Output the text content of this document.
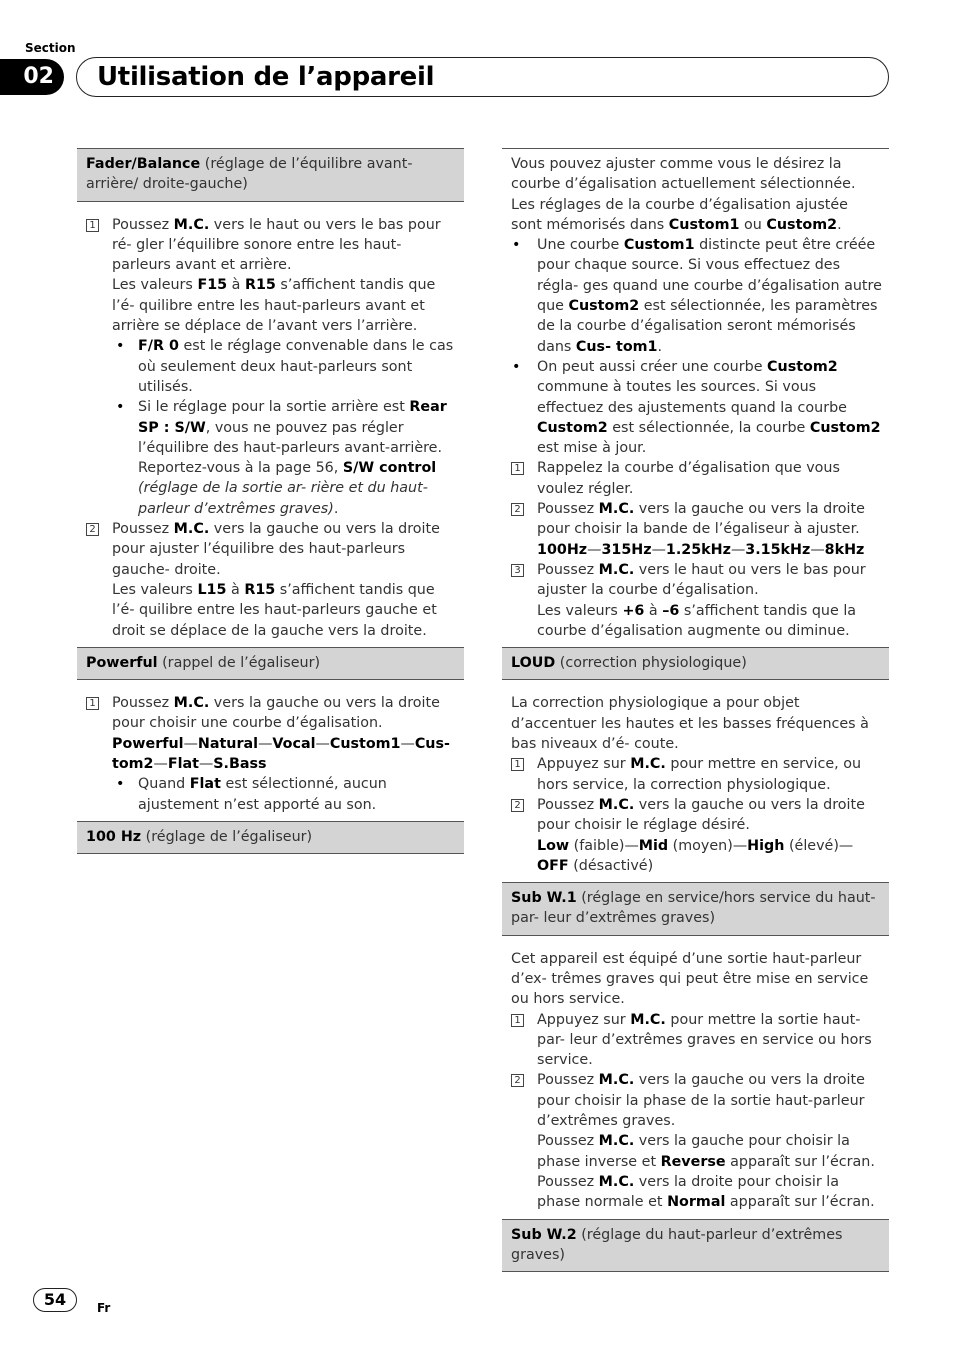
Section
02	Utilisation de l’appareil
Fader/Balance (réglage de l’équilibre avant-arrière/ droite-gauche)
1 Poussez M.C. vers le haut ou vers le bas pour ré- gler l’équilibre sonore entre les haut-parleurs avant et arrière.
Les valeurs F15 à R15 s’affichent tandis que l’é- quilibre entre les haut-parleurs avant et arrière se déplace de l’avant vers l’arrière.
• F/R 0 est le réglage convenable dans le cas où seulement deux haut-parleurs sont utilisés.
• Si le réglage pour la sortie arrière est Rear SP : S/W, vous ne pouvez pas régler l’équilibre des haut-parleurs avant-arrière. Reportez-vous à la page 56, S/W control (réglage de la sortie ar- rière et du haut-parleur d’extrêmes graves).
2 Poussez M.C. vers la gauche ou vers la droite pour ajuster l’équilibre des haut-parleurs gauche- droite.
Les valeurs L15 à R15 s’affichent tandis que l’é- quilibre entre les haut-parleurs gauche et droit se déplace de la gauche vers la droite.
Powerful (rappel de l’égaliseur)
1 Poussez M.C. vers la gauche ou vers la droite pour choisir une courbe d’égalisation.
Powerful—Natural—Vocal—Custom1—Cus- tom2—Flat—S.Bass
• Quand Flat est sélectionné, aucun ajustement n’est apporté au son.
100 Hz (réglage de l’égaliseur)
Vous pouvez ajuster comme vous le désirez la courbe d’égalisation actuellement sélectionnée. Les réglages de la courbe d’égalisation ajustée sont mémorisés dans Custom1 ou Custom2.
• Une courbe Custom1 distincte peut être créée pour chaque source. Si vous effectuez des régla- ges quand une courbe d’égalisation autre que Custom2 est sélectionnée, les paramètres de la courbe d’égalisation seront mémorisés dans Cus- tom1.
• On peut aussi créer une courbe Custom2 commune à toutes les sources. Si vous effectuez des ajustements quand la courbe Custom2 est sélectionnée, la courbe Custom2 est mise à jour.
1 Rappelez la courbe d’égalisation que vous voulez régler.
2 Poussez M.C. vers la gauche ou vers la droite pour choisir la bande de l’égaliseur à ajuster.
100Hz—315Hz—1.25kHz—3.15kHz—8kHz
3 Poussez M.C. vers le haut ou vers le bas pour ajuster la courbe d’égalisation.
Les valeurs +6 à –6 s’affichent tandis que la courbe d’égalisation augmente ou diminue.
LOUD (correction physiologique)
La correction physiologique a pour objet d’accentuer les hautes et les basses fréquences à bas niveaux d’é- coute.
1 Appuyez sur M.C. pour mettre en service, ou hors service, la correction physiologique.
2 Poussez M.C. vers la gauche ou vers la droite pour choisir le réglage désiré.
Low (faible)—Mid (moyen)—High (élevé)—OFF (désactivé)
Sub W.1 (réglage en service/hors service du haut-par- leur d’extrêmes graves)
Cet appareil est équipé d’une sortie haut-parleur d’ex- trêmes graves qui peut être mise en service ou hors service.
1 Appuyez sur M.C. pour mettre la sortie haut-par- leur d’extrêmes graves en service ou hors service.
2 Poussez M.C. vers la gauche ou vers la droite pour choisir la phase de la sortie haut-parleur d’extrêmes graves.
Poussez M.C. vers la gauche pour choisir la phase inverse et Reverse apparaît sur l’écran.
Poussez M.C. vers la droite pour choisir la phase normale et Normal apparaît sur l’écran.
Sub W.2 (réglage du haut-parleur d’extrêmes graves)
54	Fr
